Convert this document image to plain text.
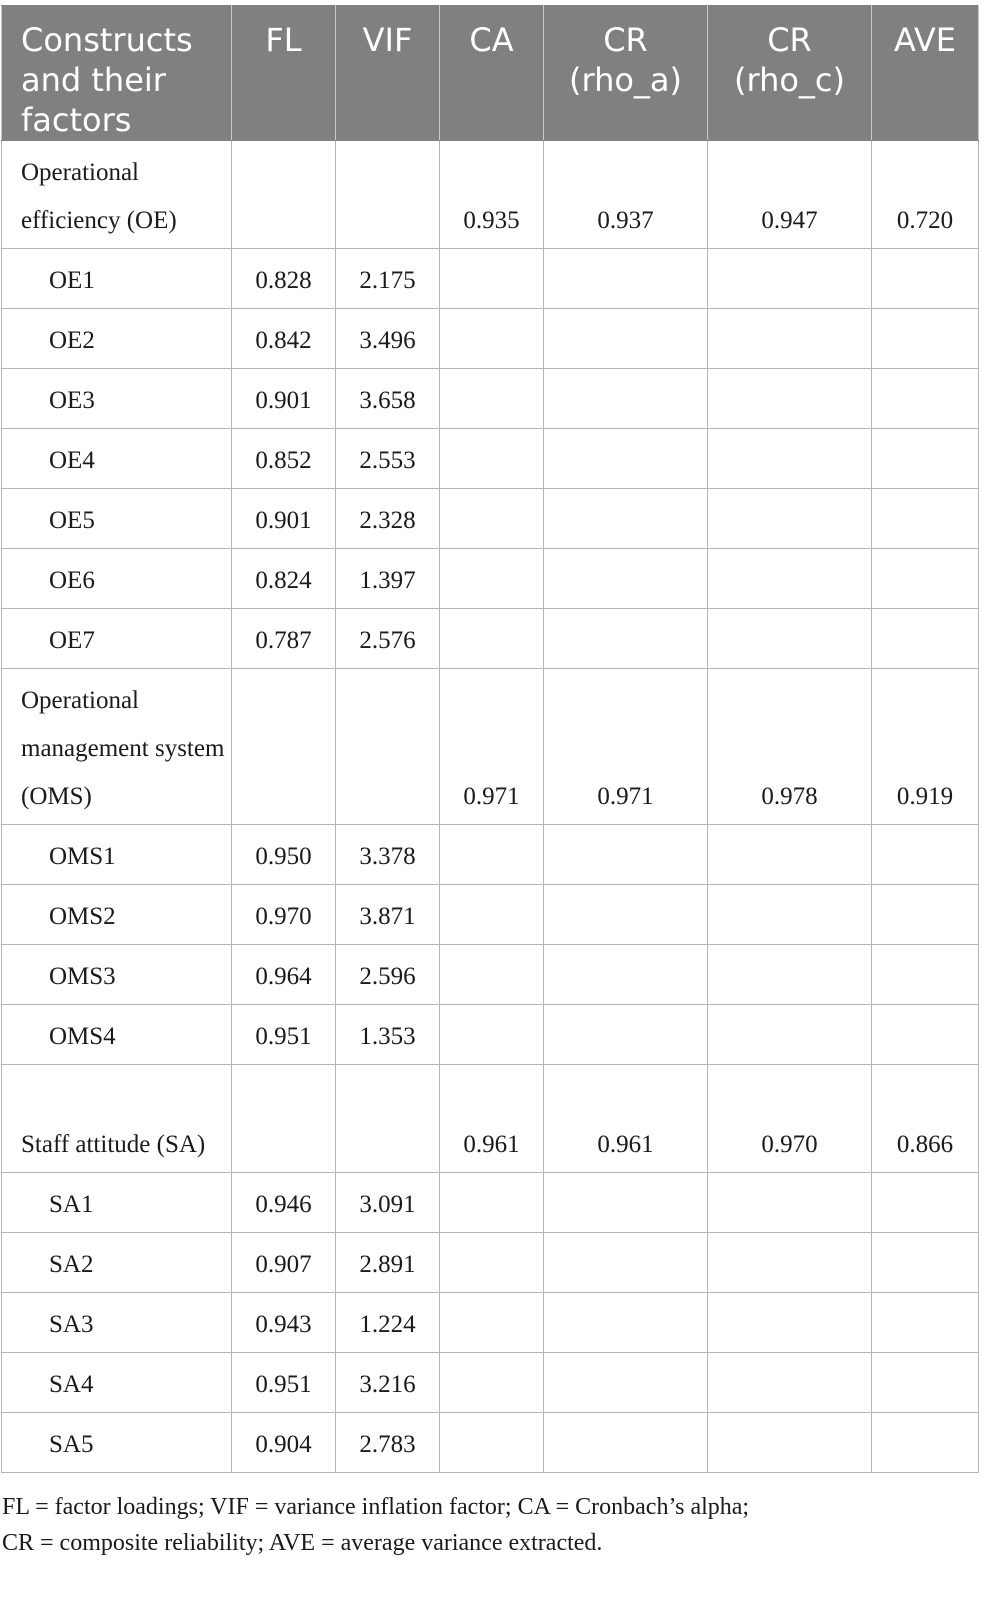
Constructs and their factors	FL	VIF	CA	CR (rho_a)	CR (rho_c)	AVE
Operational efficiency (OE)			0.935	0.937	0.947	0.720
OE1	0.828	2.175				
OE2	0.842	3.496				
OE3	0.901	3.658				
OE4	0.852	2.553				
OE5	0.901	2.328				
OE6	0.824	1.397				
OE7	0.787	2.576				
Operational management system (OMS)			0.971	0.971	0.978	0.919
OMS1	0.950	3.378				
OMS2	0.970	3.871				
OMS3	0.964	2.596				
OMS4	0.951	1.353				
Staff attitude (SA)			0.961	0.961	0.970	0.866
SA1	0.946	3.091				
SA2	0.907	2.891				
SA3	0.943	1.224				
SA4	0.951	3.216				
SA5	0.904	2.783				
FL = factor loadings; VIF = variance inflation factor; CA = Cronbach’s alpha;
CR = composite reliability; AVE = average variance extracted.
